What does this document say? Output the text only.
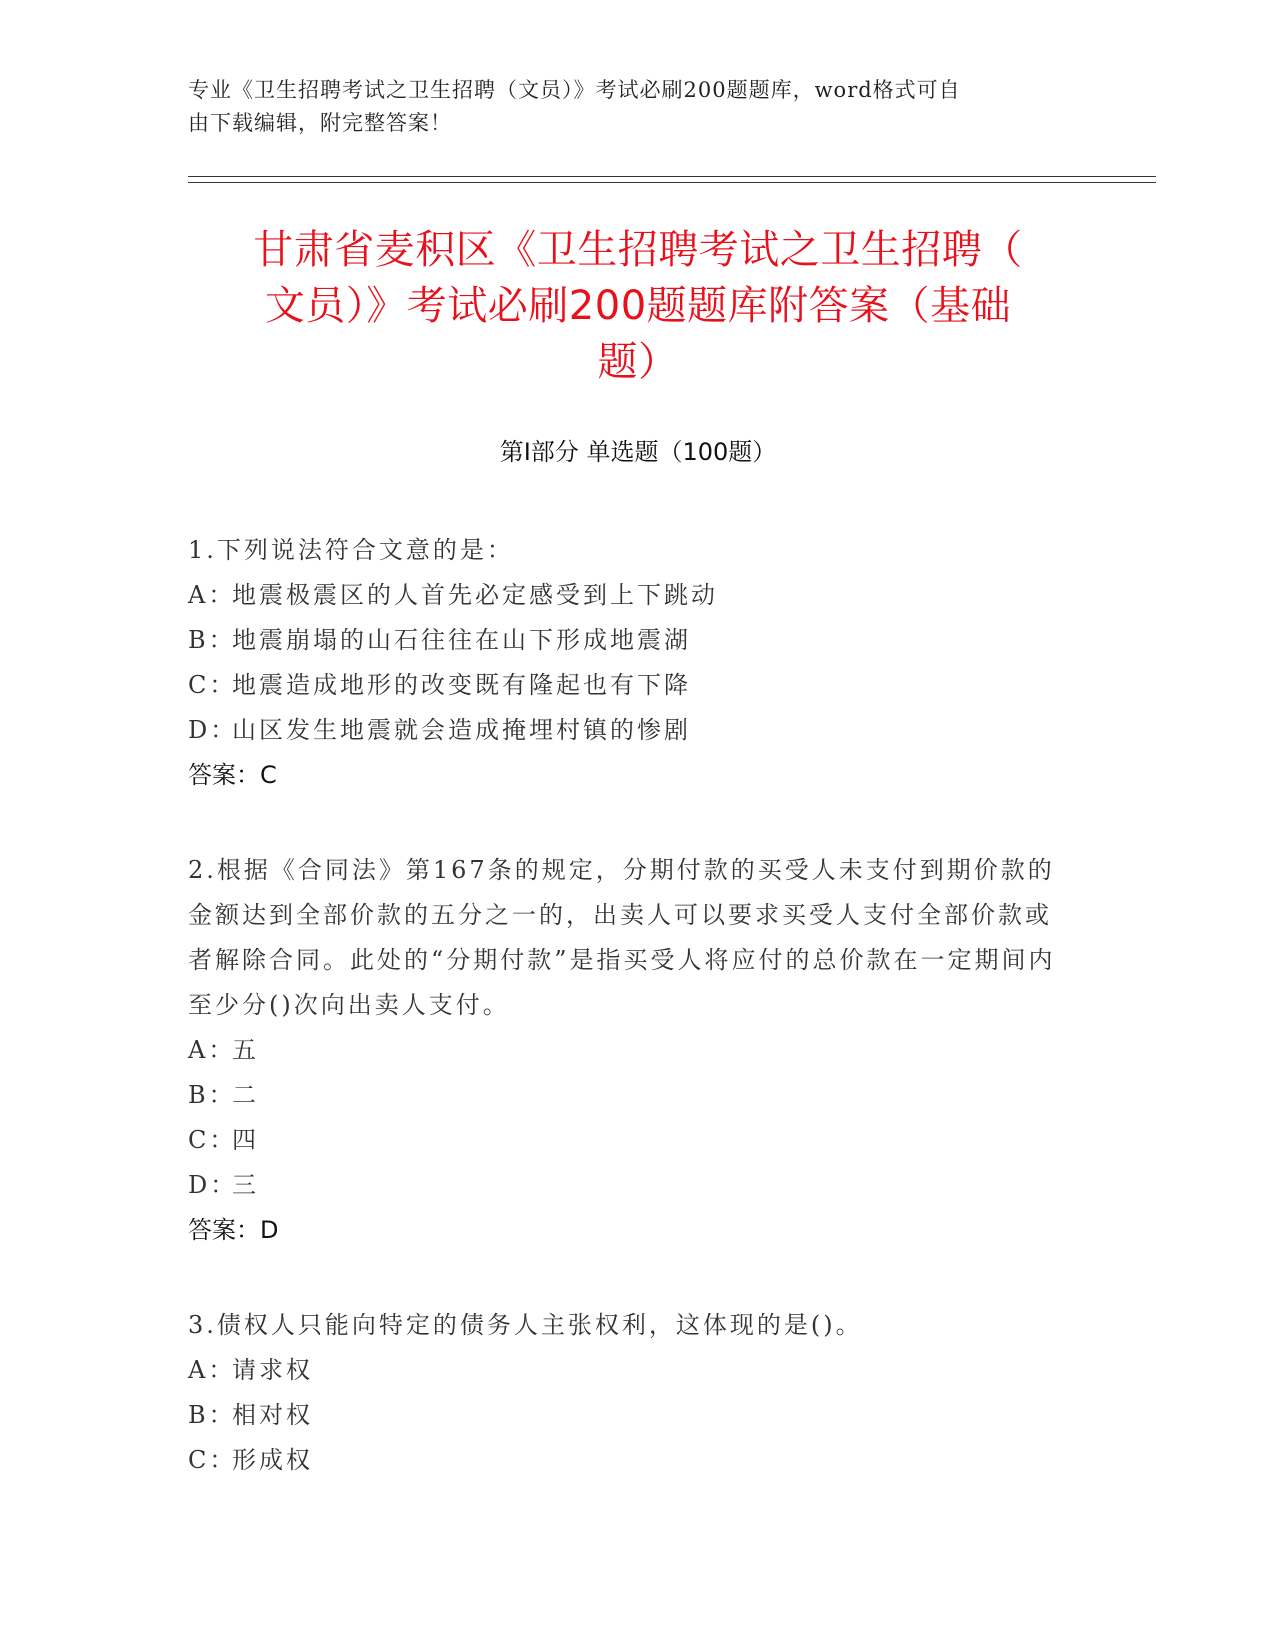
专业《卫生招聘考试之卫生招聘（文员）》考试必刷200题题库，word格式可自
由下载编辑，附完整答案！
甘肃省麦积区《卫生招聘考试之卫生招聘（
文员）》考试必刷200题题库附答案（基础
题）
第Ⅰ部分 单选题（100题）

1.下列说法符合文意的是：

A：地震极震区的人首先必定感受到上下跳动

B：地震崩塌的山石往往在山下形成地震湖

C：地震造成地形的改变既有隆起也有下降

D：山区发生地震就会造成掩埋村镇的惨剧

答案：C

2.根据《合同法》第167条的规定，分期付款的买受人未支付到期价款的金额达到全部价款的五分之一的，出卖人可以要求买受人支付全部价款或者解除合同。此处的“分期付款”是指买受人将应付的总价款在一定期间内至少分()次向出卖人支付。

A：五

B：二

C：四

D：三

答案：D

3.债权人只能向特定的债务人主张权利，这体现的是()。

A：请求权

B：相对权

C：形成权
